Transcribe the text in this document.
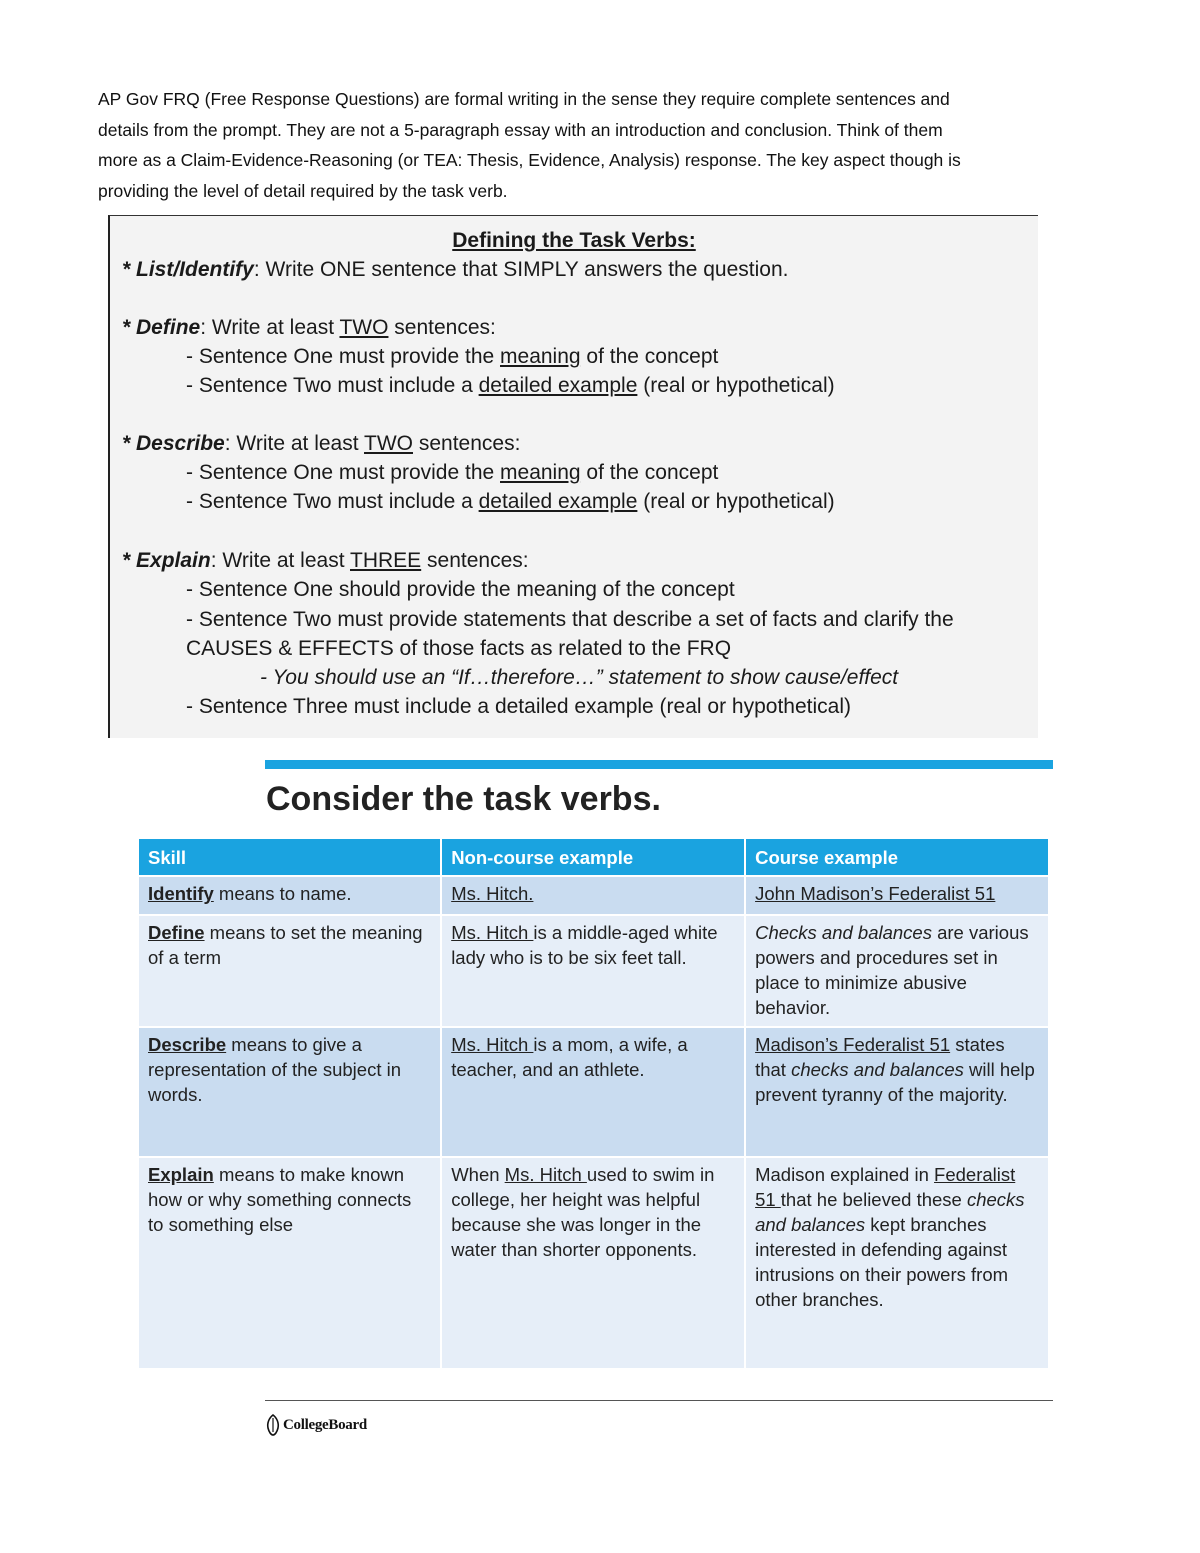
AP Gov FRQ (Free Response Questions) are formal writing in the sense they require complete sentences and

details from the prompt. They are not a 5-paragraph essay with an introduction and conclusion. Think of them

more as a Claim-Evidence-Reasoning (or TEA: Thesis, Evidence, Analysis) response. The key aspect though is

providing the level of detail required by the task verb.

Defining the Task Verbs:
* List/Identify: Write ONE sentence that SIMPLY answers the question.
* Define: Write at least TWO sentences:
- Sentence One must provide the meaning of the concept
- Sentence Two must include a detailed example (real or hypothetical)
* Describe: Write at least TWO sentences:
- Sentence One must provide the meaning of the concept
- Sentence Two must include a detailed example (real or hypothetical)
* Explain: Write at least THREE sentences:
- Sentence One should provide the meaning of the concept
- Sentence Two must provide statements that describe a set of facts and clarify the
CAUSES & EFFECTS of those facts as related to the FRQ
- You should use an “If…therefore…” statement to show cause/effect
- Sentence Three must include a detailed example (real or hypothetical)
Consider the task verbs.
Skill	Non-course example	Course example
Identify means to name.	Ms. Hitch.	John Madison’s Federalist 51
Define means to set the meaning of a term	Ms. Hitch is a middle-aged white lady who is to be six feet tall.	Checks and balances are various powers and procedures set in place to minimize abusive behavior.
Describe means to give a representation of the subject in words.	Ms. Hitch is a mom, a wife, a teacher, and an athlete.	Madison’s Federalist 51 states that checks and balances will help prevent tyranny of the majority.
Explain means to make known how or why something connects to something else	When Ms. Hitch used to swim in college, her height was helpful because she was longer in the water than shorter opponents.	Madison explained in Federalist 51 that he believed these checks and balances kept branches interested in defending against intrusions on their powers from other branches.
CollegeBoard
